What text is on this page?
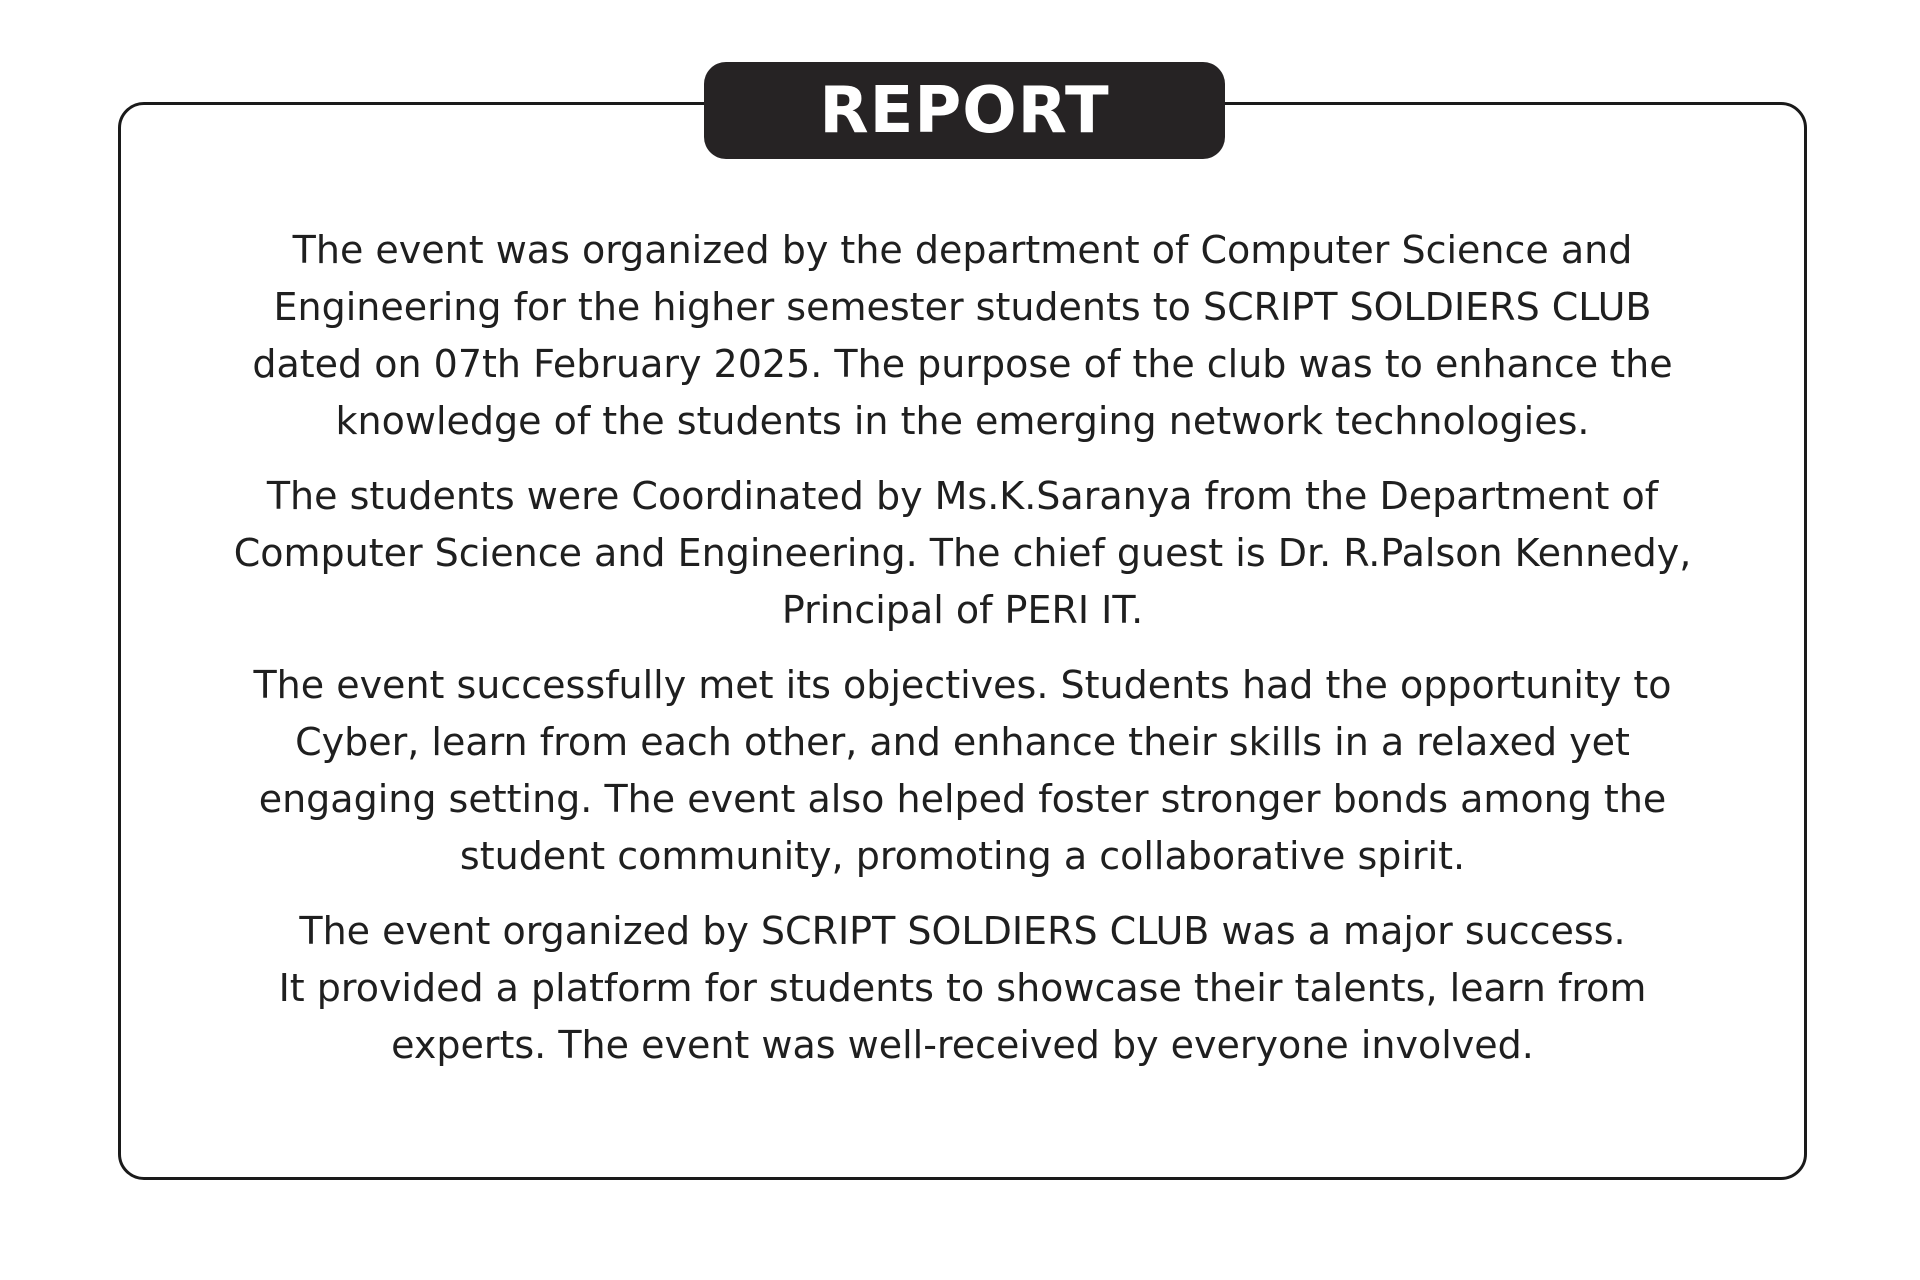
REPORT

The event was organized by the department of Computer Science and
Engineering for the higher semester students to SCRIPT SOLDIERS CLUB
dated on 07th February 2025. The purpose of the club was to enhance the
knowledge of the students in the emerging network technologies.

The students were Coordinated by Ms.K.Saranya from the Department of
Computer Science and Engineering. The chief guest is Dr. R.Palson Kennedy,
Principal of PERI IT.

The event successfully met its objectives. Students had the opportunity to
Cyber, learn from each other, and enhance their skills in a relaxed yet
engaging setting. The event also helped foster stronger bonds among the
student community, promoting a collaborative spirit.

The event organized by SCRIPT SOLDIERS CLUB was a major success.
It provided a platform for students to showcase their talents, learn from
experts. The event was well-received by everyone involved.
